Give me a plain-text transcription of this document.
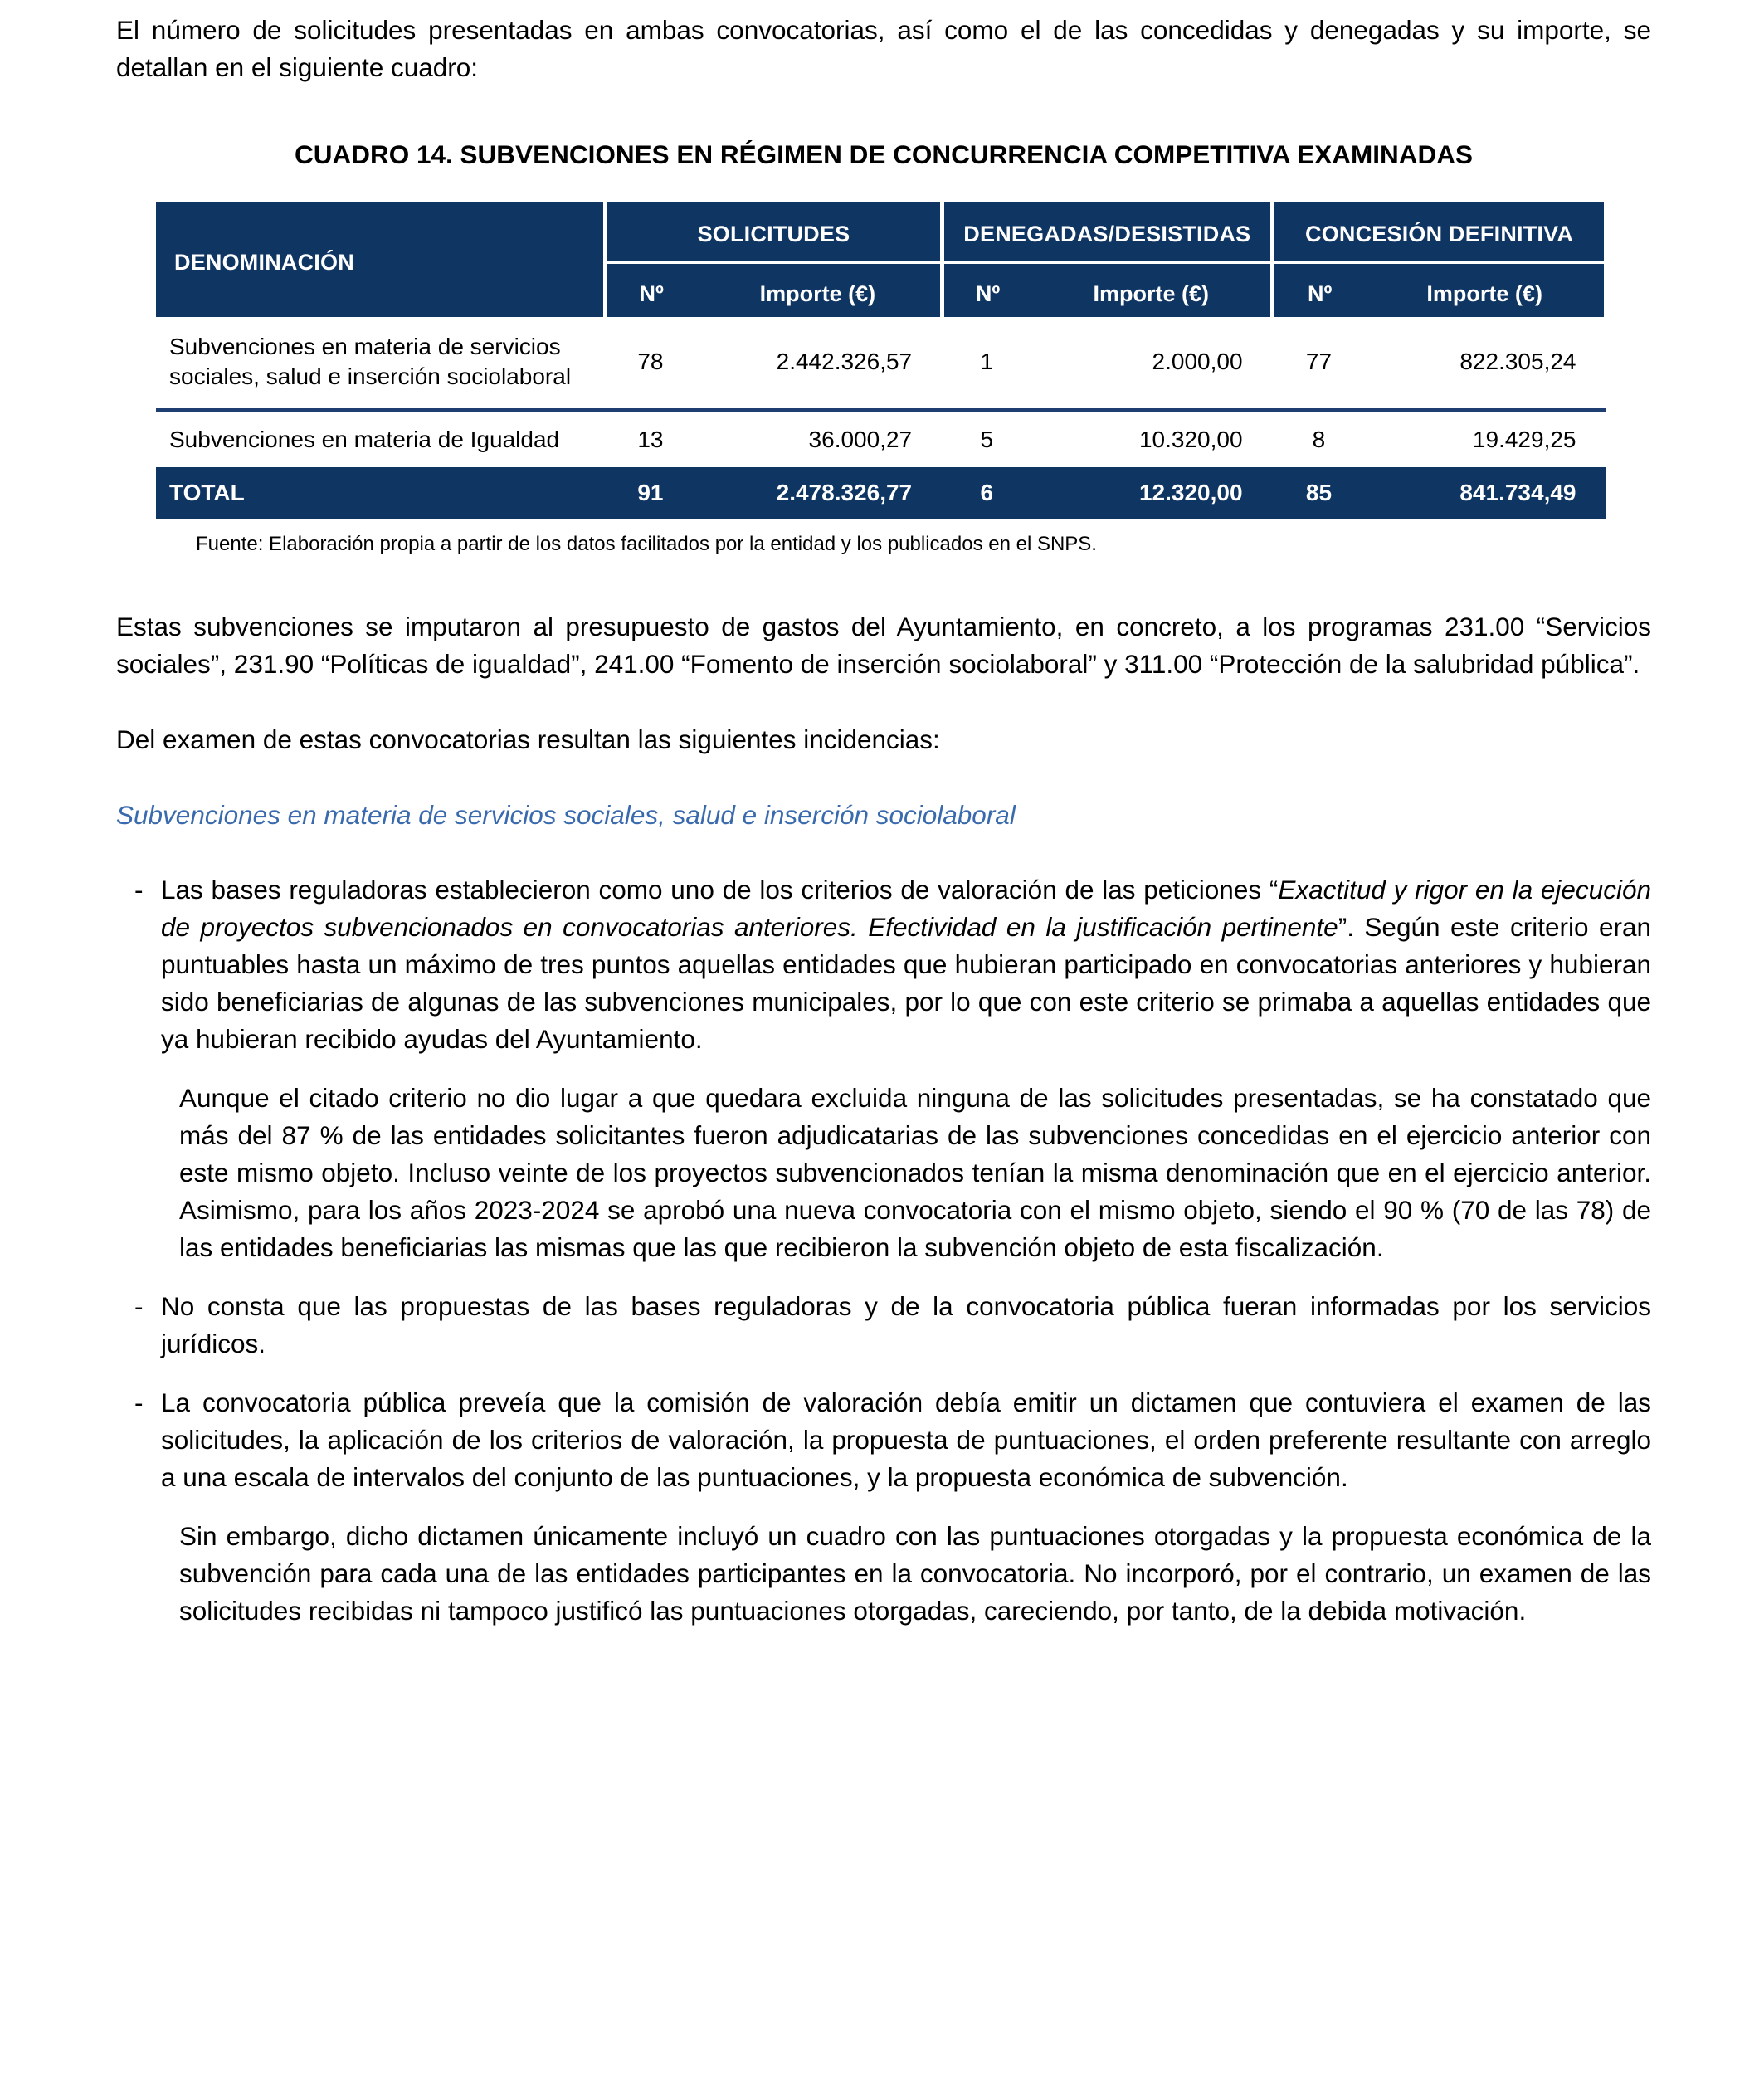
El número de solicitudes presentadas en ambas convocatorias, así como el de las concedidas y denegadas y su importe, se detallan en el siguiente cuadro:

CUADRO 14. SUBVENCIONES EN RÉGIMEN DE CONCURRENCIA COMPETITIVA EXAMINADAS

DENOMINACIÓN	SOLICITUDES		DENEGADAS/DESISTIDAS		CONCESIÓN DEFINITIVA	
	Nº	Importe (€)	Nº	Importe (€)	Nº	Importe (€)
Subvenciones en materia de servicios sociales, salud e inserción sociolaboral	78	2.442.326,57	1	2.000,00	77	822.305,24

Subvenciones en materia de Igualdad	13	36.000,27	5	10.320,00	8	19.429,25
TOTAL	91	2.478.326,77	6	12.320,00	85	841.734,49

Fuente: Elaboración propia a partir de los datos facilitados por la entidad y los publicados en el SNPS.

Estas subvenciones se imputaron al presupuesto de gastos del Ayuntamiento, en concreto, a los programas 231.00 “Servicios sociales”, 231.90 “Políticas de igualdad”, 241.00 “Fomento de inserción sociolaboral” y 311.00 “Protección de la salubridad pública”.

Del examen de estas convocatorias resultan las siguientes incidencias:

Subvenciones en materia de servicios sociales, salud e inserción sociolaboral

- Las bases reguladoras establecieron como uno de los criterios de valoración de las peticiones “Exactitud y rigor en la ejecución de proyectos subvencionados en convocatorias anteriores. Efectividad en la justificación pertinente”. Según este criterio eran puntuables hasta un máximo de tres puntos aquellas entidades que hubieran participado en convocatorias anteriores y hubieran sido beneficiarias de algunas de las subvenciones municipales, por lo que con este criterio se primaba a aquellas entidades que ya hubieran recibido ayudas del Ayuntamiento.

Aunque el citado criterio no dio lugar a que quedara excluida ninguna de las solicitudes presentadas, se ha constatado que más del 87 % de las entidades solicitantes fueron adjudicatarias de las subvenciones concedidas en el ejercicio anterior con este mismo objeto. Incluso veinte de los proyectos subvencionados tenían la misma denominación que en el ejercicio anterior. Asimismo, para los años 2023-2024 se aprobó una nueva convocatoria con el mismo objeto, siendo el 90 % (70 de las 78) de las entidades beneficiarias las mismas que las que recibieron la subvención objeto de esta fiscalización.

- No consta que las propuestas de las bases reguladoras y de la convocatoria pública fueran informadas por los servicios jurídicos.
- La convocatoria pública preveía que la comisión de valoración debía emitir un dictamen que contuviera el examen de las solicitudes, la aplicación de los criterios de valoración, la propuesta de puntuaciones, el orden preferente resultante con arreglo a una escala de intervalos del conjunto de las puntuaciones, y la propuesta económica de subvención.

Sin embargo, dicho dictamen únicamente incluyó un cuadro con las puntuaciones otorgadas y la propuesta económica de la subvención para cada una de las entidades participantes en la convocatoria. No incorporó, por el contrario, un examen de las solicitudes recibidas ni tampoco justificó las puntuaciones otorgadas, careciendo, por tanto, de la debida motivación.
